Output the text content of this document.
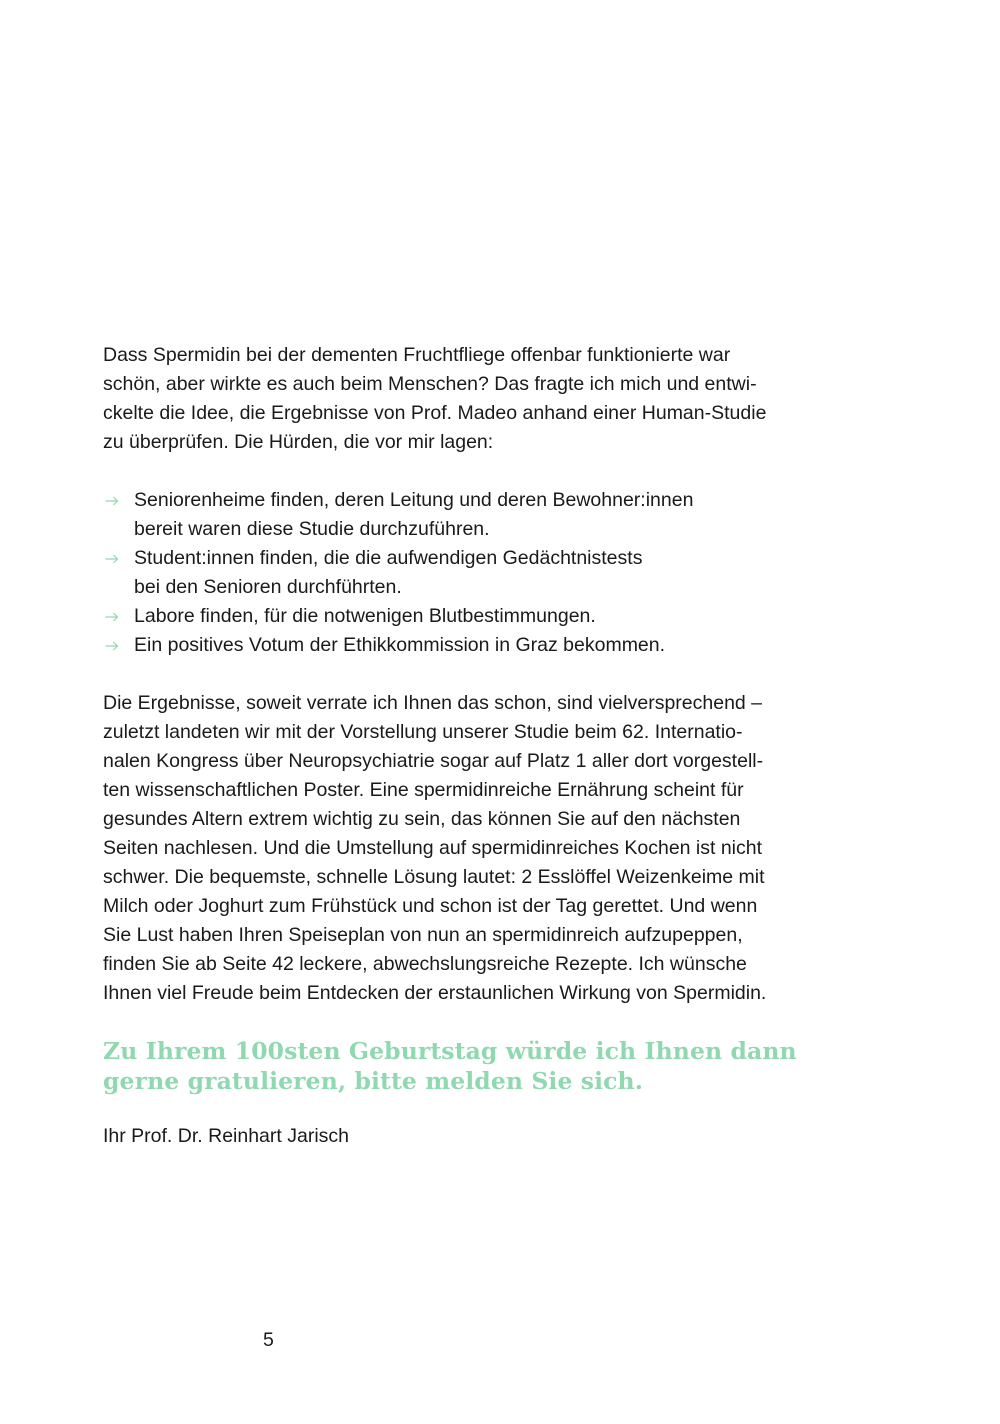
Dass Spermidin bei der dementen Fruchtfliege offenbar funktionierte war
schön, aber wirkte es auch beim Menschen? Das fragte ich mich und entwi-
ckelte die Idee, die Ergebnisse von Prof. Madeo anhand einer Human-Studie
zu überprüfen. Die Hürden, die vor mir lagen:

Seniorenheime finden, deren Leitung und deren Bewohner:innen
bereit waren diese Studie durchzuführen.
Student:innen finden, die die aufwendigen Gedächtnistests
bei den Senioren durchführten.
Labore finden, für die notwenigen Blutbestimmungen.
Ein positives Votum der Ethikkommission in Graz bekommen.

Die Ergebnisse, soweit verrate ich Ihnen das schon, sind vielversprechend –
zuletzt landeten wir mit der Vorstellung unserer Studie beim 62. Internatio-
nalen Kongress über Neuropsychiatrie sogar auf Platz 1 aller dort vorgestell-
ten wissenschaftlichen Poster. Eine spermidinreiche Ernährung scheint für
gesundes Altern extrem wichtig zu sein, das können Sie auf den nächsten
Seiten nachlesen. Und die Umstellung auf spermidinreiches Kochen ist nicht
schwer. Die bequemste, schnelle Lösung lautet: 2 Esslöffel Weizenkeime mit
Milch oder Joghurt zum Frühstück und schon ist der Tag gerettet. Und wenn
Sie Lust haben Ihren Speiseplan von nun an spermidinreich aufzupeppen,
finden Sie ab Seite 42 leckere, abwechslungsreiche Rezepte. Ich wünsche
Ihnen viel Freude beim Entdecken der erstaunlichen Wirkung von Spermidin.

Zu Ihrem 100sten Geburtstag würde ich Ihnen dann
gerne gratulieren, bitte melden Sie sich.

Ihr Prof. Dr. Reinhart Jarisch

5
